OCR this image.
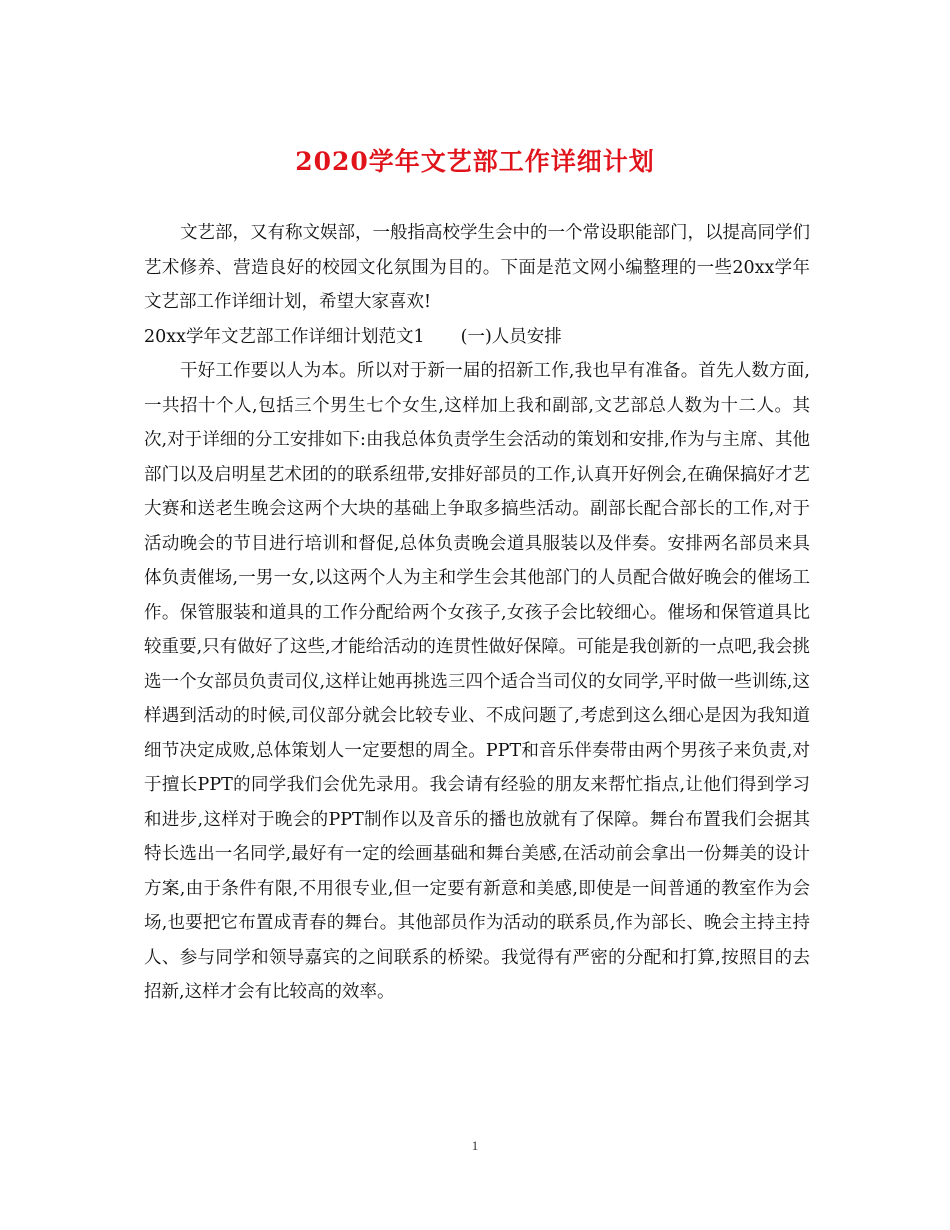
2020学年文艺部工作详细计划

文艺部，又有称文娱部，一般指高校学生会中的一个常设职能部门，以提高同学们艺术修养、营造良好的校园文化氛围为目的。下面是范文网小编整理的一些20xx学年文艺部工作详细计划，希望大家喜欢!

20xx学年文艺部工作详细计划范文1 (一)人员安排

干好工作要以人为本。所以对于新一届的招新工作,我也早有准备。首先人数方面,一共招十个人,包括三个男生七个女生,这样加上我和副部,文艺部总人数为十二人。其次,对于详细的分工安排如下:由我总体负责学生会活动的策划和安排,作为与主席、其他部门以及启明星艺术团的的联系纽带,安排好部员的工作,认真开好例会,在确保搞好才艺大赛和送老生晚会这两个大块的基础上争取多搞些活动。副部长配合部长的工作,对于活动晚会的节目进行培训和督促,总体负责晚会道具服装以及伴奏。安排两名部员来具体负责催场,一男一女,以这两个人为主和学生会其他部门的人员配合做好晚会的催场工作。保管服装和道具的工作分配给两个女孩子,女孩子会比较细心。催场和保管道具比较重要,只有做好了这些,才能给活动的连贯性做好保障。可能是我创新的一点吧,我会挑选一个女部员负责司仪,这样让她再挑选三四个适合当司仪的女同学,平时做一些训练,这样遇到活动的时候,司仪部分就会比较专业、不成问题了,考虑到这么细心是因为我知道细节决定成败,总体策划人一定要想的周全。PPT和音乐伴奏带由两个男孩子来负责,对于擅长PPT的同学我们会优先录用。我会请有经验的朋友来帮忙指点,让他们得到学习和进步,这样对于晚会的PPT制作以及音乐的播也放就有了保障。舞台布置我们会据其特长选出一名同学,最好有一定的绘画基础和舞台美感,在活动前会拿出一份舞美的设计方案,由于条件有限,不用很专业,但一定要有新意和美感,即使是一间普通的教室作为会场,也要把它布置成青春的舞台。其他部员作为活动的联系员,作为部长、晚会主持主持人、参与同学和领导嘉宾的之间联系的桥梁。我觉得有严密的分配和打算,按照目的去招新,这样才会有比较高的效率。

1
